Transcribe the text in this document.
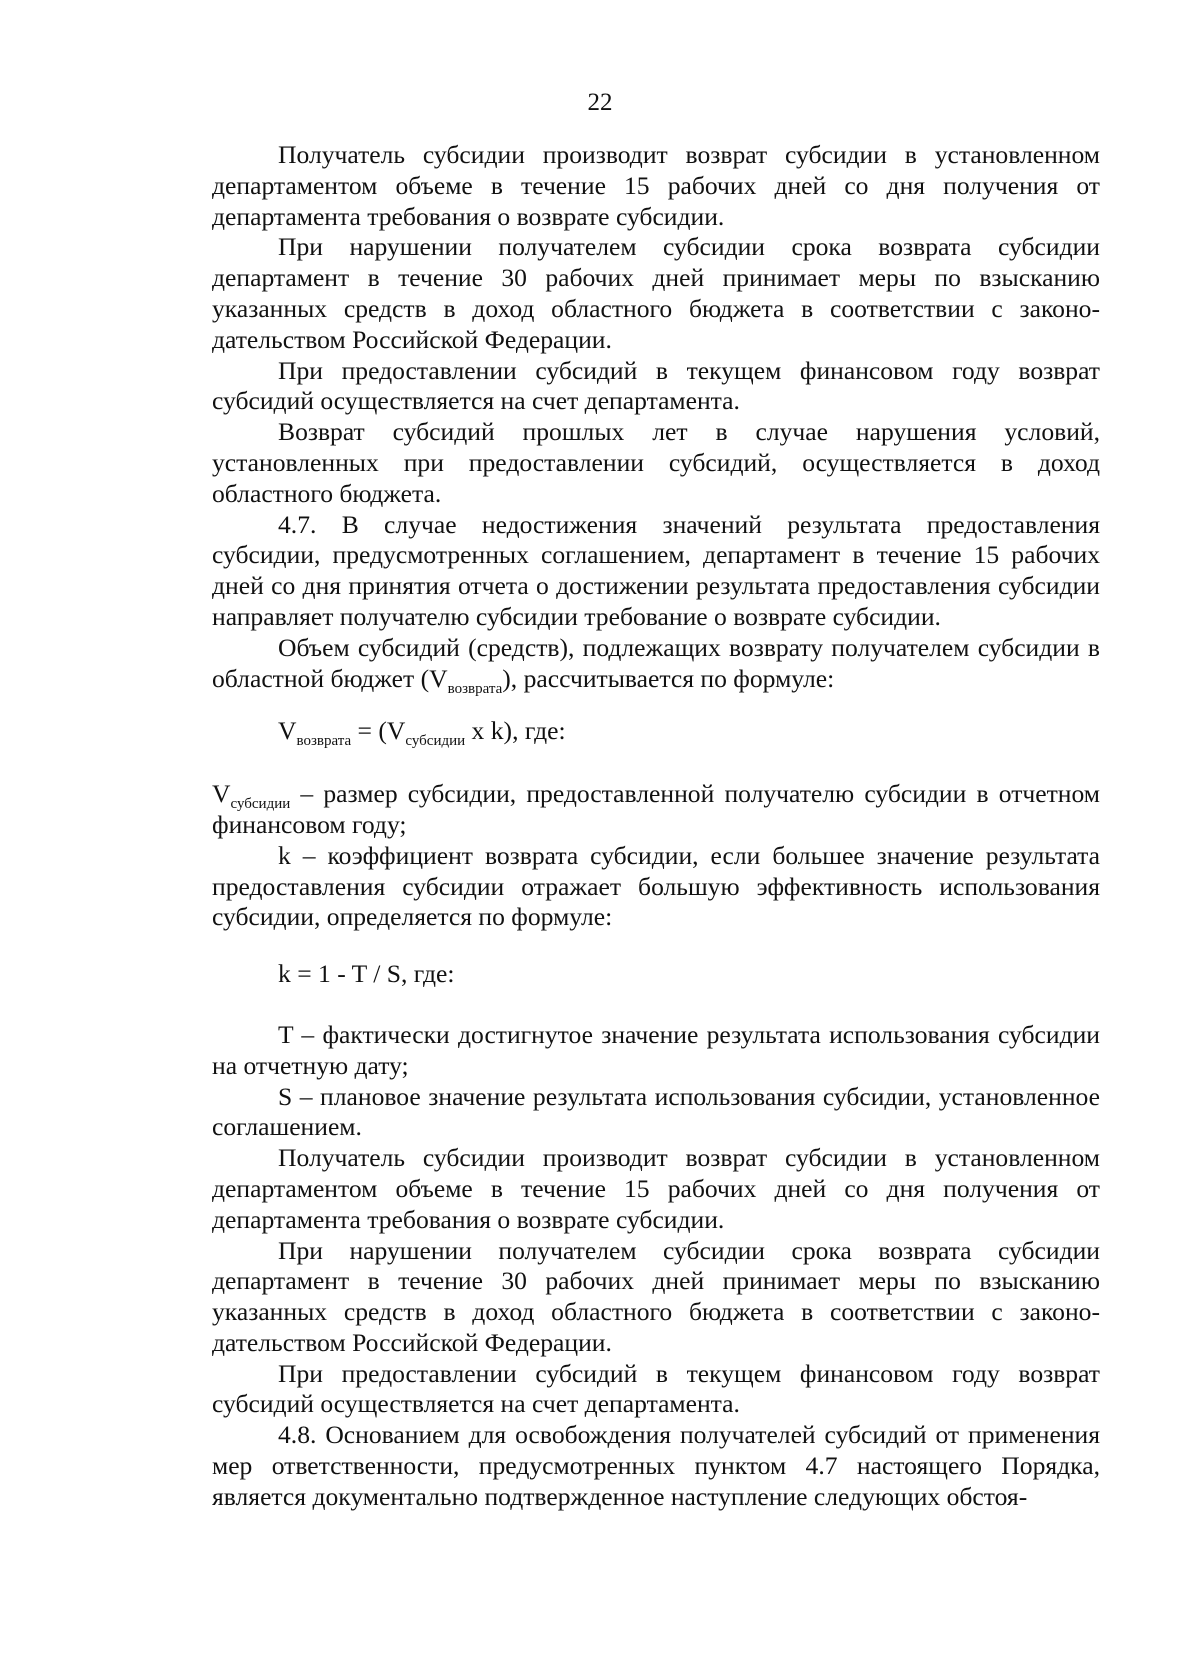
22

Получатель субсидии производит возврат субсидии в установленном департаментом объеме в течение 15 рабочих дней со дня получения от департамента требования о возврате субсидии.

При нарушении получателем субсидии срока возврата субсидии департамент в течение 30 рабочих дней принимает меры по взысканию указанных средств в доход областного бюджета в соответствии с законодательством Российской Федерации.

При предоставлении субсидий в текущем финансовом году возврат субсидий осуществляется на счет департамента.

Возврат субсидий прошлых лет в случае нарушения условий, установленных при предоставлении субсидий, осуществляется в доход областного бюджета.

4.7. В случае недостижения значений результата предоставления субсидии, предусмотренных соглашением, департамент в течение 15 рабочих дней со дня принятия отчета о достижении результата предоставления субсидии направляет получателю субсидии требование о возврате субсидии.

Объем субсидий (средств), подлежащих возврату получателем субсидии в областной бюджет $(V_{возврата})$, рассчитывается по формуле:

$V_{возврата} = (V_{субсидии}$ x k), где:

$V_{субсидии}$ – размер субсидии, предоставленной получателю субсидии в отчетном финансовом году;

k – коэффициент возврата субсидии, если большее значение результата предоставления субсидии отражает большую эффективность использования субсидии, определяется по формуле:

k = 1 - T / S, где:

T – фактически достигнутое значение результата использования субсидии на отчетную дату;

S – плановое значение результата использования субсидии, установленное соглашением.

Получатель субсидии производит возврат субсидии в установленном департаментом объеме в течение 15 рабочих дней со дня получения от департамента требования о возврате субсидии.

При нарушении получателем субсидии срока возврата субсидии департамент в течение 30 рабочих дней принимает меры по взысканию указанных средств в доход областного бюджета в соответствии с законодательством Российской Федерации.

При предоставлении субсидий в текущем финансовом году возврат субсидий осуществляется на счет департамента.

4.8. Основанием для освобождения получателей субсидий от применения мер ответственности, предусмотренных пунктом 4.7 настоящего Порядка, является документально подтвержденное наступление следующих обстоя-
